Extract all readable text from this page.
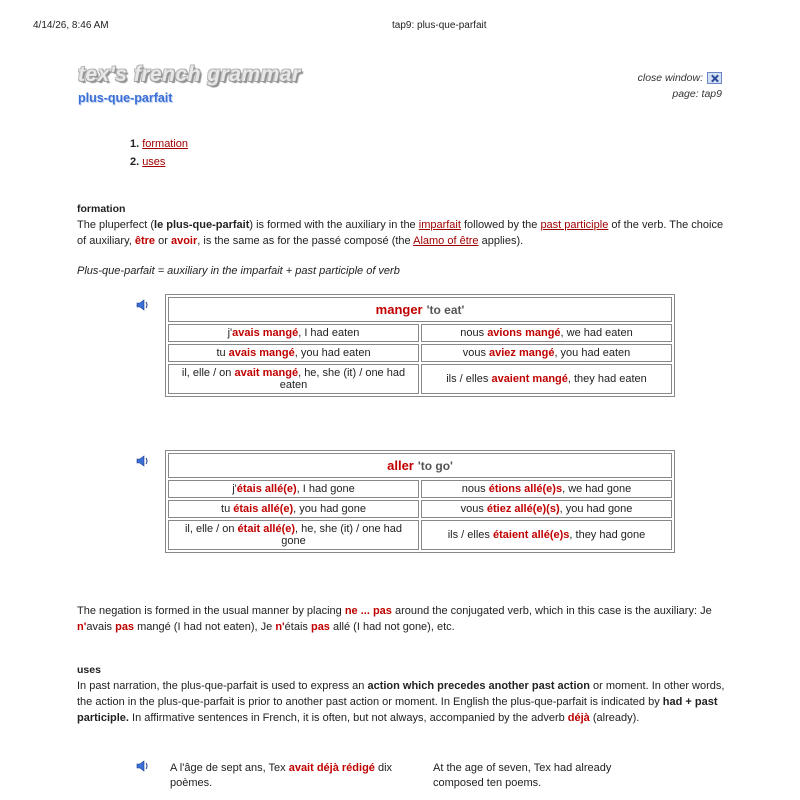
4/14/26, 8:46 AM	tap9: plus-que-parfait
tex's french grammar
plus-que-parfait
close window:
page: tap9
1. formation
2. uses
formation
The pluperfect (le plus-que-parfait) is formed with the auxiliary in the imparfait followed by the past participle of the verb. The choice of auxiliary, être or avoir, is the same as for the passé composé (the Alamo of être applies).
Plus-que-parfait = auxiliary in the imparfait + past participle of verb
manger 'to eat'	
j'avais mangé, I had eaten	nous avions mangé, we had eaten
tu avais mangé, you had eaten	vous aviez mangé, you had eaten
il, elle / on avait mangé, he, she (it) / one had eaten	ils / elles avaient mangé, they had eaten
aller 'to go'	
j'étais allé(e), I had gone	nous étions allé(e)s, we had gone
tu étais allé(e), you had gone	vous étiez allé(e)(s), you had gone
il, elle / on était allé(e), he, she (it) / one had gone	ils / elles étaient allé(e)s, they had gone
The negation is formed in the usual manner by placing ne ... pas around the conjugated verb, which in this case is the auxiliary: Je n'avais pas mangé (I had not eaten), Je n'étais pas allé (I had not gone), etc.
uses
In past narration, the plus-que-parfait is used to express an action which precedes another past action or moment. In other words, the action in the plus-que-parfait is prior to another past action or moment. In English the plus-que-parfait is indicated by had + past participle. In affirmative sentences in French, it is often, but not always, accompanied by the adverb déjà (already).
A l'âge de sept ans, Tex avait déjà rédigé dix poèmes.
At the age of seven, Tex had already composed ten poems.
